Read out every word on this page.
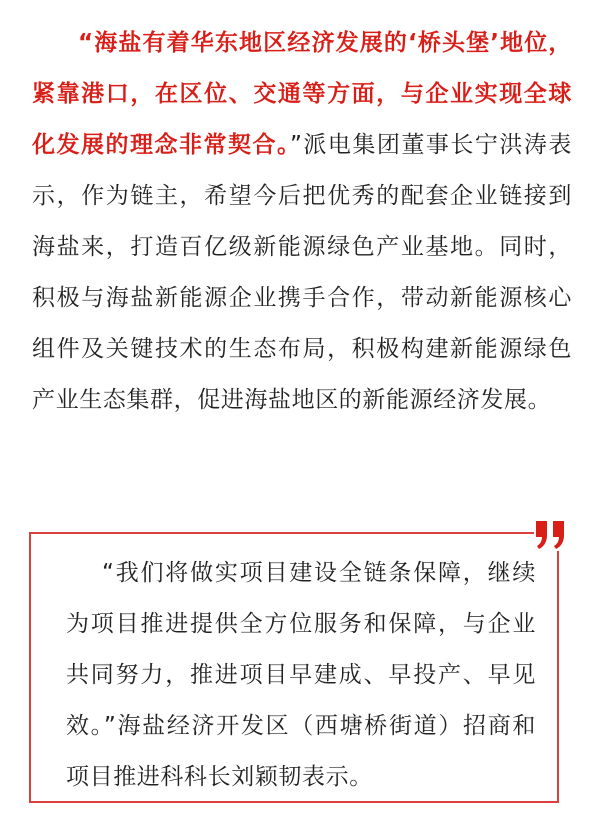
“海盐有着华东地区经济发展的‘桥头堡’地位，紧靠港口，在区位、交通等方面，与企业实现全球化发展的理念非常契合。”派电集团董事长宁洪涛表示，作为链主，希望今后把优秀的配套企业链接到海盐来，打造百亿级新能源绿色产业基地。同时，积极与海盐新能源企业携手合作，带动新能源核心组件及关键技术的生态布局，积极构建新能源绿色产业生态集群，促进海盐地区的新能源经济发展。

“我们将做实项目建设全链条保障，继续为项目推进提供全方位服务和保障，与企业共同努力，推进项目早建成、早投产、早见效。”海盐经济开发区（西塘桥街道）招商和项目推进科科长刘颖韧表示。
